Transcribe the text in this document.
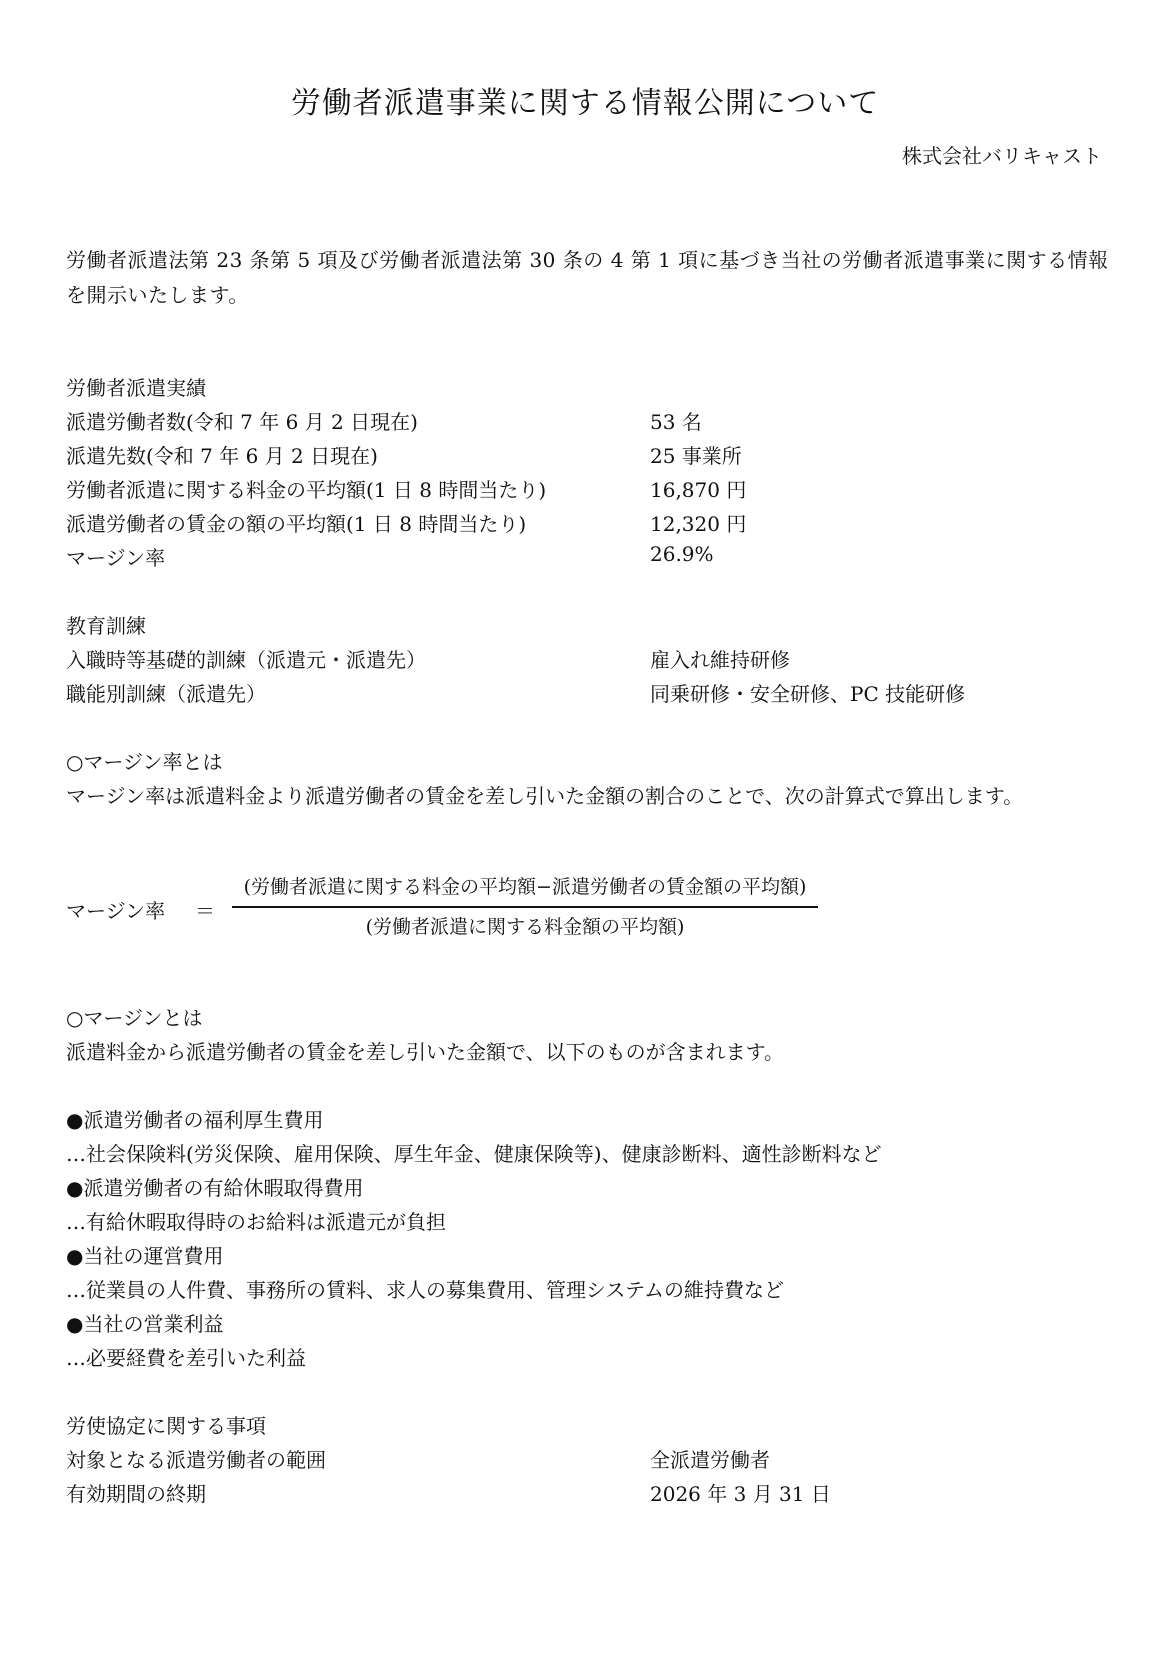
労働者派遣事業に関する情報公開について
株式会社バリキャスト
労働者派遣法第 23 条第 5 項及び労働者派遣法第 30 条の 4 第 1 項に基づき当社の労働者派遣事業に関する情報を開示いたします。
労働者派遣実績
派遣労働者数(令和 7 年 6 月 2 日現在)	53 名
派遣先数(令和 7 年 6 月 2 日現在)	25 事業所
労働者派遣に関する料金の平均額(1 日 8 時間当たり)	16,870 円
派遣労働者の賃金の額の平均額(1 日 8 時間当たり)	12,320 円
マージン率	26.9%
教育訓練
入職時等基礎的訓練（派遣元・派遣先）	雇入れ維持研修
職能別訓練（派遣先）	同乗研修・安全研修、PC 技能研修
○マージン率とは
マージン率は派遣料金より派遣労働者の賃金を差し引いた金額の割合のことで、次の計算式で算出します。
マージン率 ＝
(労働者派遣に関する料金の平均額−派遣労働者の賃金額の平均額)
(労働者派遣に関する料金額の平均額)
○マージンとは
派遣料金から派遣労働者の賃金を差し引いた金額で、以下のものが含まれます。
●派遣労働者の福利厚生費用
…社会保険料(労災保険、雇用保険、厚生年金、健康保険等)、健康診断料、適性診断料など
●派遣労働者の有給休暇取得費用
…有給休暇取得時のお給料は派遣元が負担
●当社の運営費用
…従業員の人件費、事務所の賃料、求人の募集費用、管理システムの維持費など
●当社の営業利益
…必要経費を差引いた利益
労使協定に関する事項
対象となる派遣労働者の範囲	全派遣労働者
有効期間の終期	2026 年 3 月 31 日
